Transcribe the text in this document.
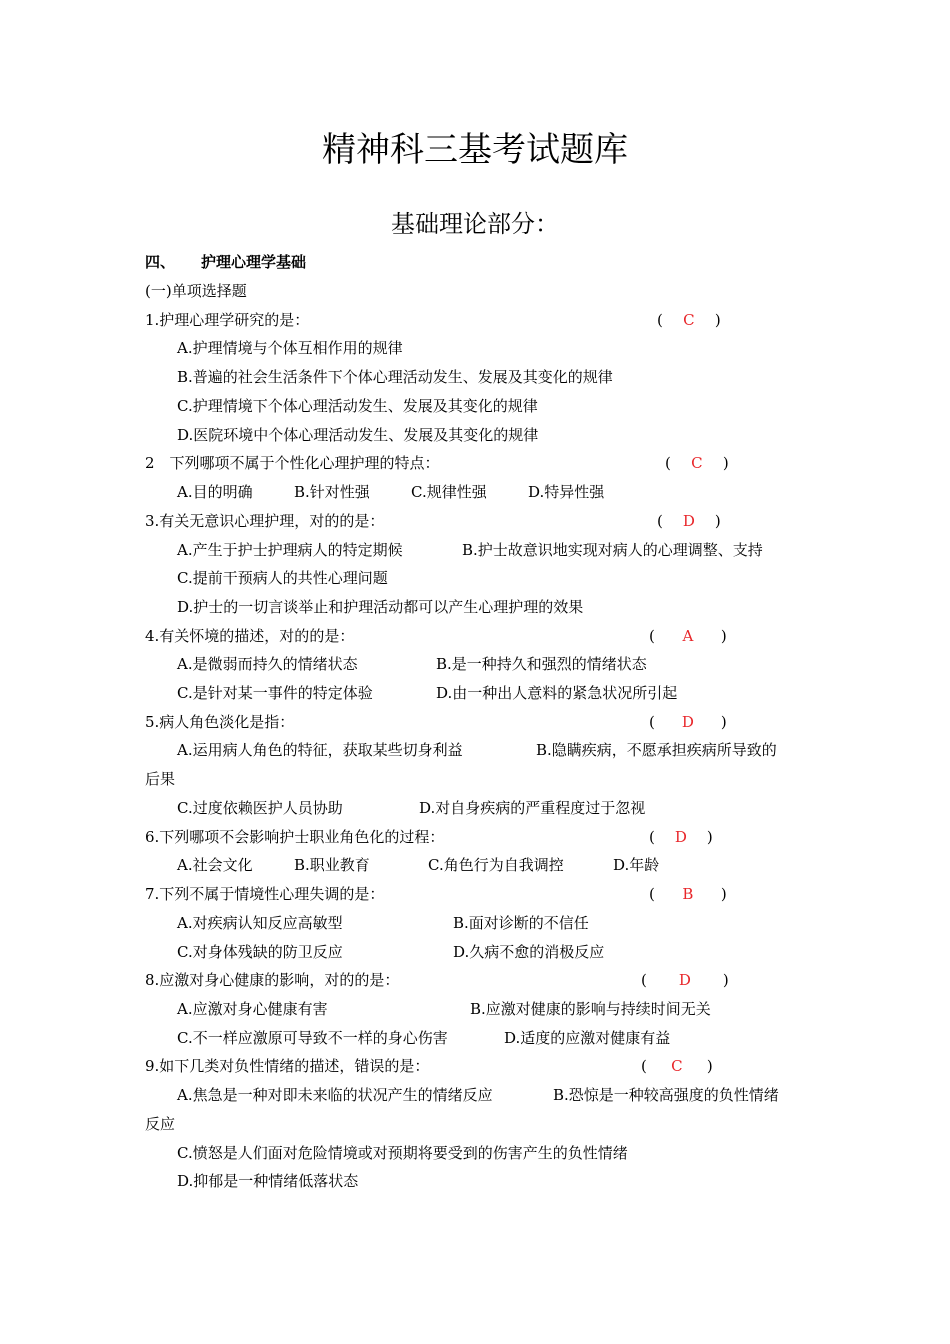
精神科三基考试题库
基础理论部分：
四、 护理心理学基础
(一)单项选择题
1.护理心理学研究的是：	( C )
A.护理情境与个体互相作用的规律
B.普遍的社会生活条件下个体心理活动发生、发展及其变化的规律
C.护理情境下个体心理活动发生、发展及其变化的规律
D.医院环境中个体心理活动发生、发展及其变化的规律
2　下列哪项不属于个性化心理护理的特点：	( C )
A.目的明确	B.针对性强	C.规律性强	D.特异性强
3.有关无意识心理护理，对的的是：	( D )
A.产生于护士护理病人的特定期候	B.护士故意识地实现对病人的心理调整、支持
C.提前干预病人的共性心理问题
D.护士的一切言谈举止和护理活动都可以产生心理护理的效果
4.有关怀境的描述，对的的是：	( A )
A.是微弱而持久的情绪状态	B.是一种持久和强烈的情绪状态
C.是针对某一事件的特定体验	D.由一种出人意料的紧急状况所引起
5.病人角色淡化是指：	( D )
A.运用病人角色的特征，获取某些切身利益	B.隐瞒疾病，不愿承担疾病所导致的
后果
C.过度依赖医护人员协助	D.对自身疾病的严重程度过于忽视
6.下列哪项不会影响护士职业角色化的过程：	( D )
A.社会文化	B.职业教育	C.角色行为自我调控	D.年龄
7.下列不属于情境性心理失调的是：	( B )
A.对疾病认知反应高敏型	B.面对诊断的不信任
C.对身体残缺的防卫反应	D.久病不愈的消极反应
8.应激对身心健康的影响，对的的是：	( D )
A.应激对身心健康有害	B.应激对健康的影响与持续时间无关
C.不一样应激原可导致不一样的身心伤害	D.适度的应激对健康有益
9.如下几类对负性情绪的描述，错误的是：	( C )
A.焦急是一种对即未来临的状况产生的情绪反应	B.恐惊是一种较高强度的负性情绪
反应
C.愤怒是人们面对危险情境或对预期将要受到的伤害产生的负性情绪
D.抑郁是一种情绪低落状态
